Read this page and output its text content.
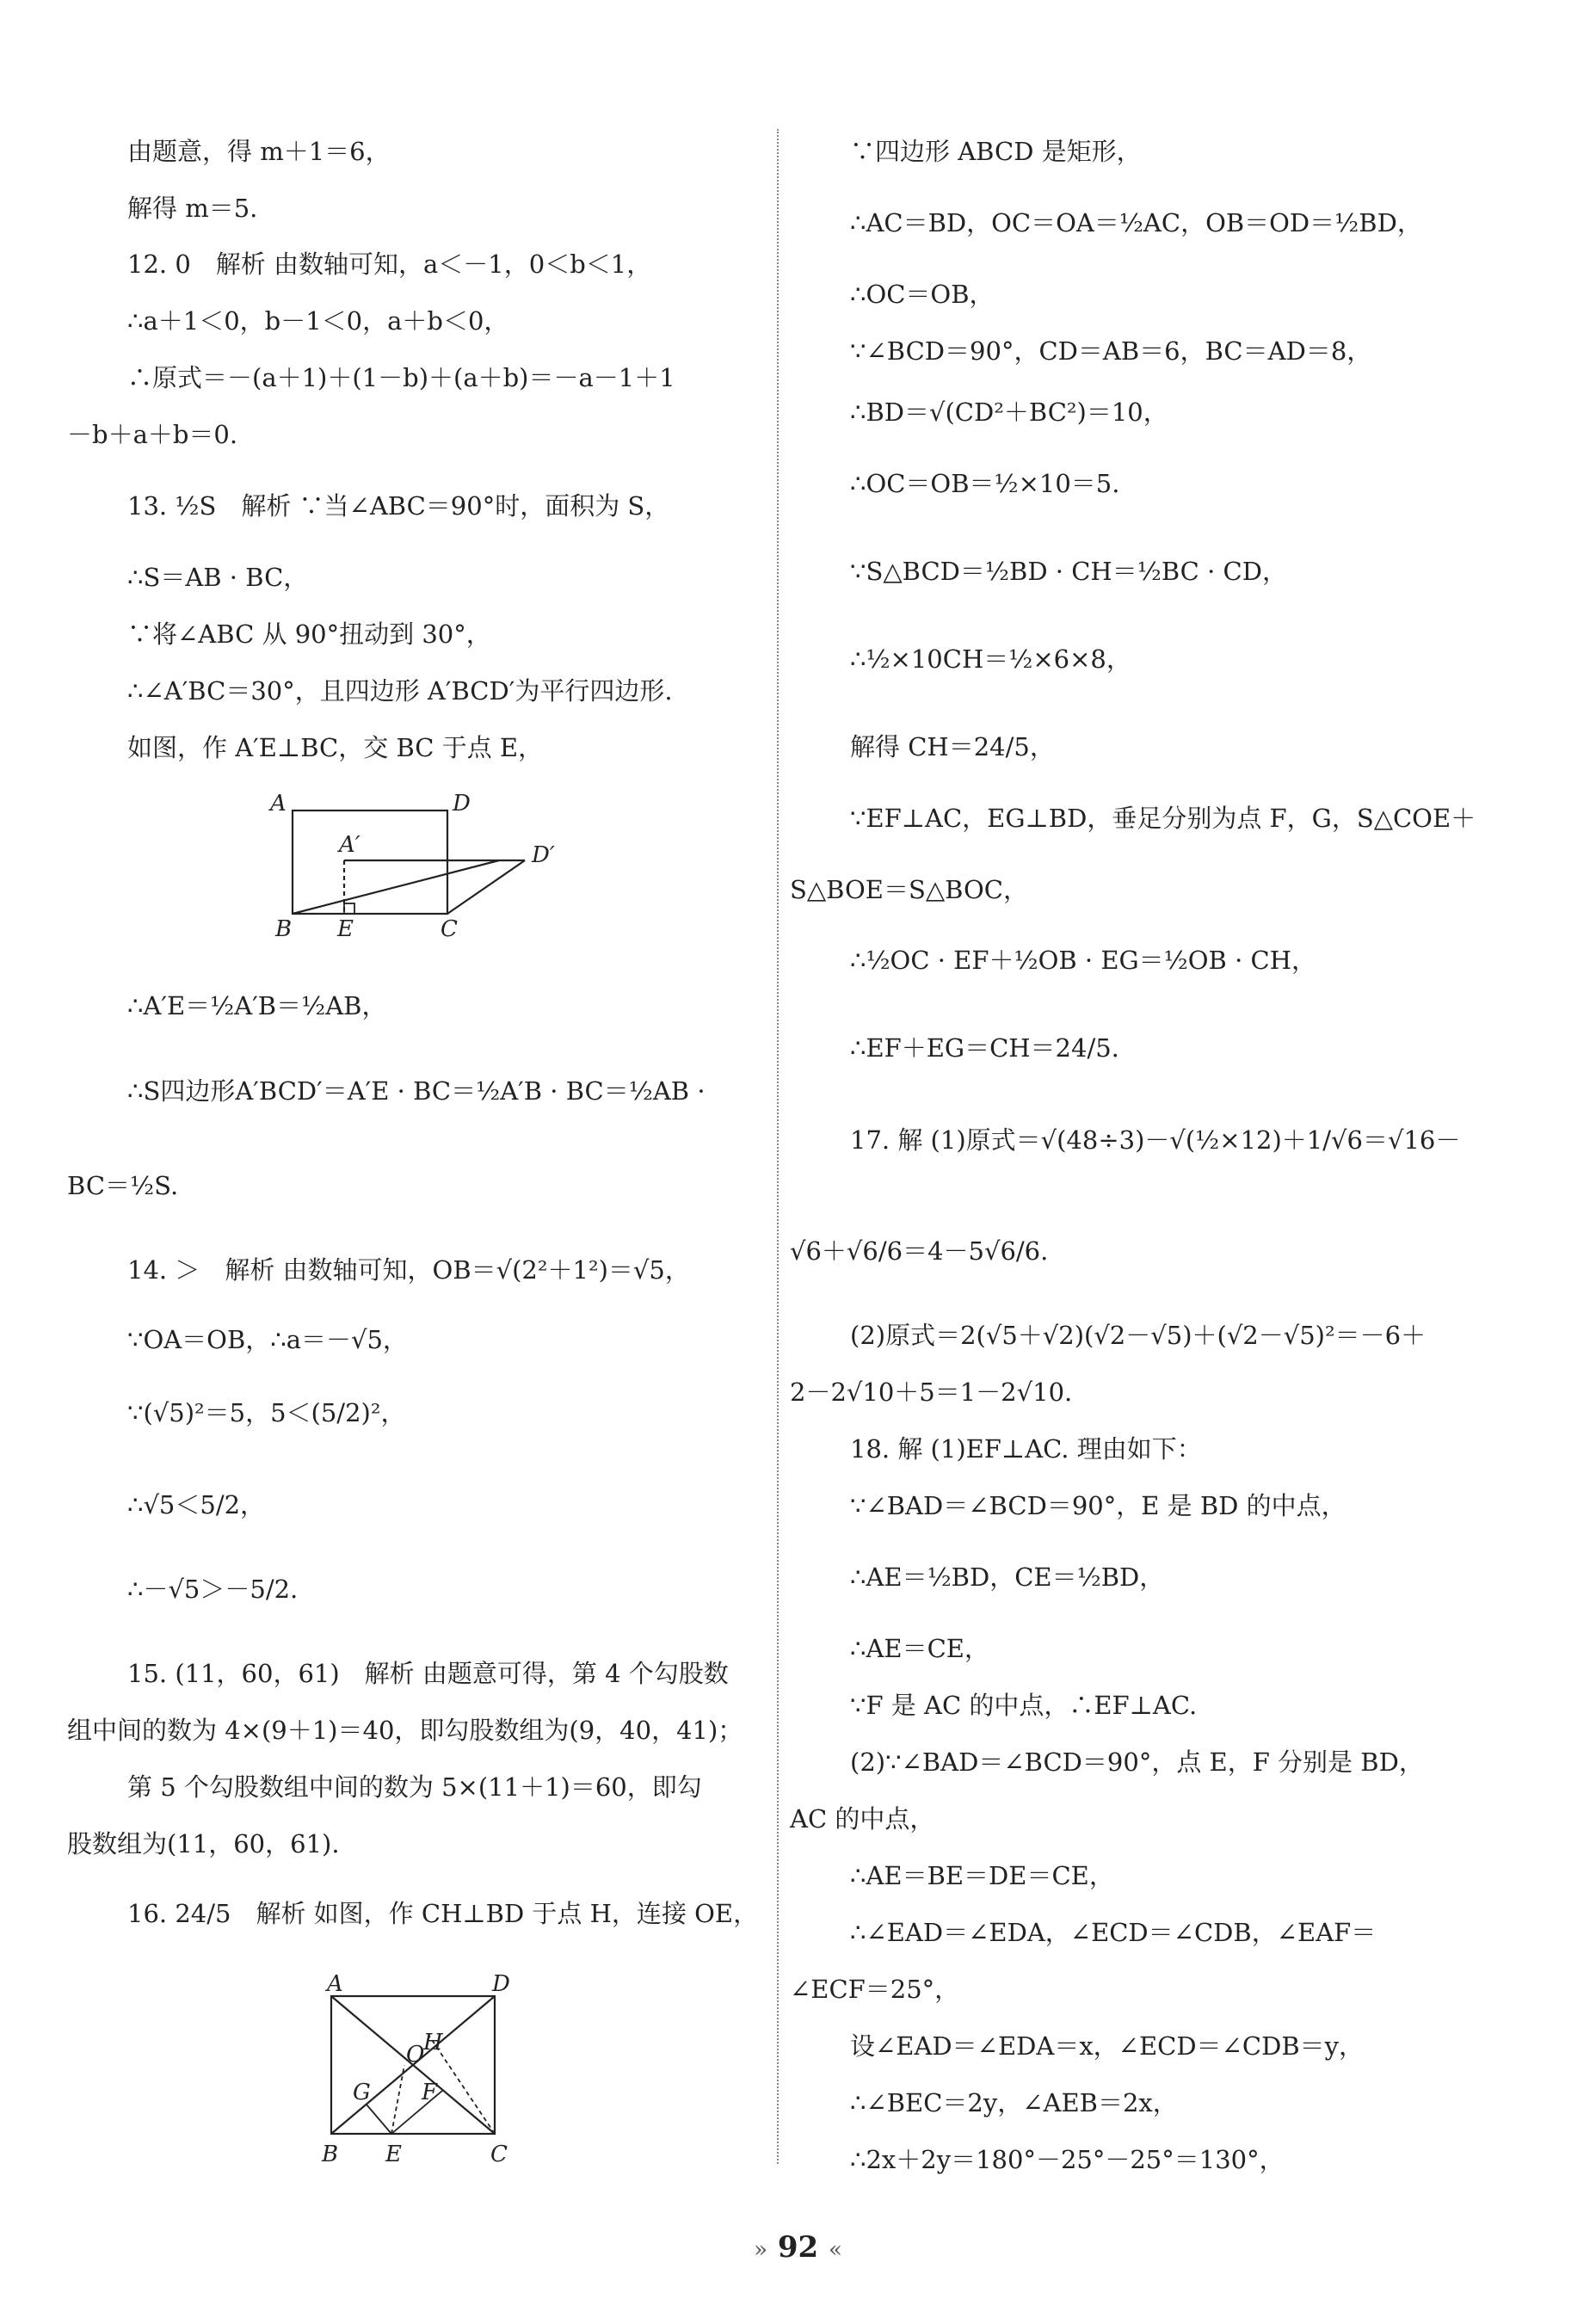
由题意，得 m＋1＝6，
解得 m＝5.
12. 0　解析 由数轴可知，a＜－1，0＜b＜1，
∴a＋1＜0，b－1＜0，a＋b＜0，
∴原式＝－(a＋1)＋(1－b)＋(a＋b)＝－a－1＋1
－b＋a＋b＝0.
13. ½S　解析 ∵当∠ABC＝90°时，面积为 S，
∴S＝AB · BC，
∵将∠ABC 从 90°扭动到 30°，
∴∠A′BC＝30°，且四边形 A′BCD′为平行四边形.
如图，作 A′E⊥BC，交 BC 于点 E，
∴A′E＝½A′B＝½AB，
∴S四边形A′BCD′＝A′E · BC＝½A′B · BC＝½AB ·
BC＝½S.
14. ＞　解析 由数轴可知，OB＝√(2²＋1²)＝√5，
∵OA＝OB，∴a＝－√5，
∵(√5)²＝5，5＜(5/2)²，
∴√5＜5/2，
∴－√5＞－5/2.
15. (11，60，61)　解析 由题意可得，第 4 个勾股数
组中间的数为 4×(9＋1)＝40，即勾股数组为(9，40，41)；
第 5 个勾股数组中间的数为 5×(11＋1)＝60，即勾
股数组为(11，60，61).
16. 24/5　解析 如图，作 CH⊥BD 于点 H，连接 OE，
A	D
A′	D′
B E	C
A	D
O
H
G F
B E	C
∵四边形 ABCD 是矩形，
∴AC＝BD，OC＝OA＝½AC，OB＝OD＝½BD，
∴OC＝OB，
∵∠BCD＝90°，CD＝AB＝6，BC＝AD＝8，
∴BD＝√(CD²＋BC²)＝10，
∴OC＝OB＝½×10＝5.
∵S△BCD＝½BD · CH＝½BC · CD，
∴½×10CH＝½×6×8，
解得 CH＝24/5，
∵EF⊥AC，EG⊥BD，垂足分别为点 F，G，S△COE＋
S△BOE＝S△BOC，
∴½OC · EF＋½OB · EG＝½OB · CH，
∴EF＋EG＝CH＝24/5.
17. 解 (1)原式＝√(48÷3)－√(½×12)＋1/√6＝√16－
√6＋√6/6＝4－5√6/6.
(2)原式＝2(√5＋√2)(√2－√5)＋(√2－√5)²＝－6＋
2－2√10＋5＝1－2√10.
18. 解 (1)EF⊥AC. 理由如下：
∵∠BAD＝∠BCD＝90°，E 是 BD 的中点，
∴AE＝½BD，CE＝½BD，
∴AE＝CE，
∵F 是 AC 的中点，∴EF⊥AC.
(2)∵∠BAD＝∠BCD＝90°，点 E，F 分别是 BD，
AC 的中点，
∴AE＝BE＝DE＝CE，
∴∠EAD＝∠EDA，∠ECD＝∠CDB，∠EAF＝
∠ECF＝25°，
设∠EAD＝∠EDA＝x，∠ECD＝∠CDB＝y，
∴∠BEC＝2y，∠AEB＝2x，
∴2x＋2y＝180°－25°－25°＝130°，
» 92 «
